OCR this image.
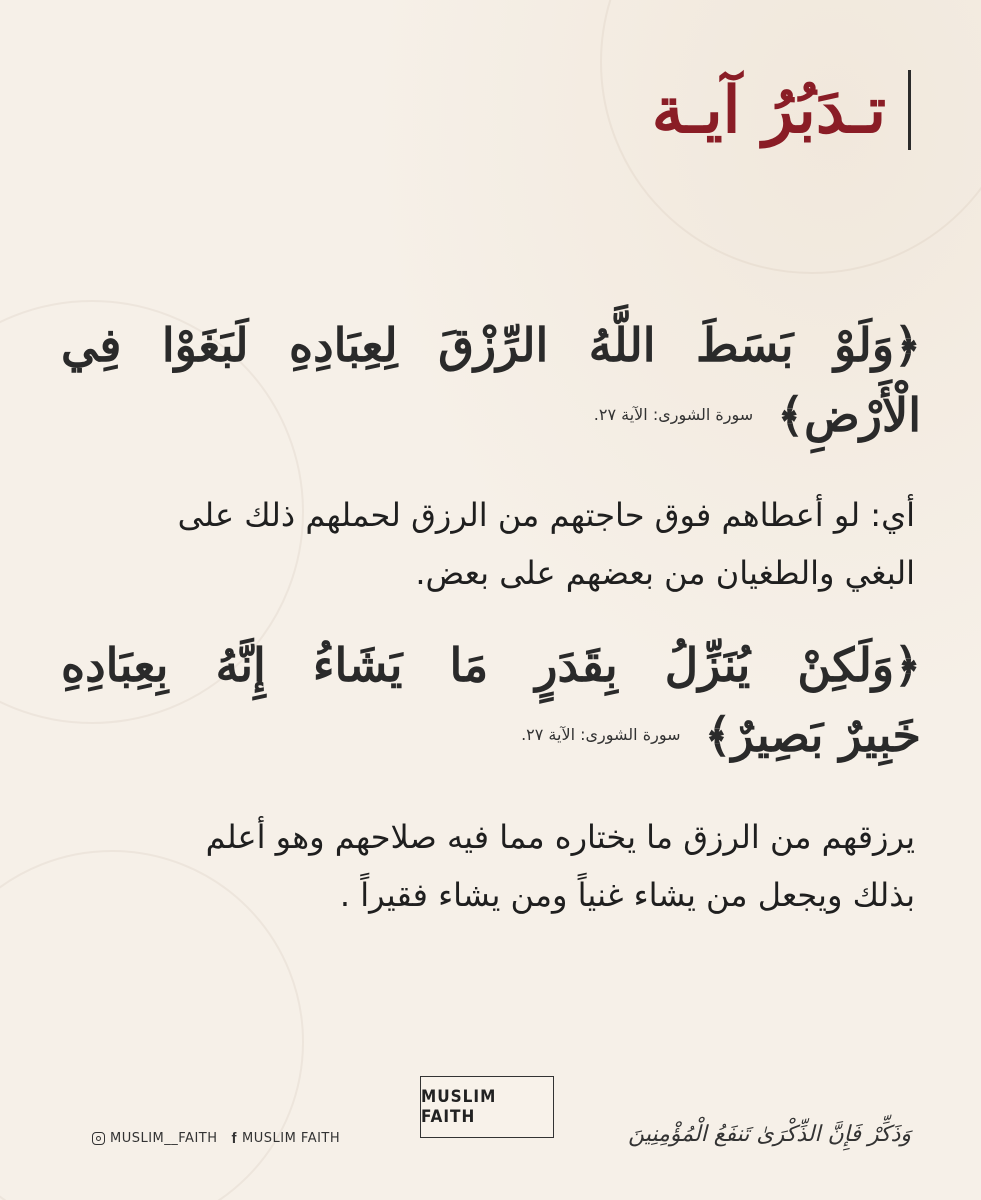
تـدَبُرُ آيـة
﴿وَلَوْ بَسَطَ اللَّهُ الرِّزْقَ لِعِبَادِهِ لَبَغَوْا فِي
الْأَرْضِ﴾
سورة الشورى: الآية ٢٧.
أي: لو أعطاهم فوق حاجتهم من الرزق لحملهم ذلك على
البغي والطغيان من بعضهم على بعض.
﴿وَلَكِنْ يُنَزِّلُ بِقَدَرٍ مَا يَشَاءُ إِنَّهُ بِعِبَادِهِ
خَبِيرٌ بَصِيرٌ﴾
سورة الشورى: الآية ٢٧.
يرزقهم من الرزق ما يختاره مما فيه صلاحهم وهو أعلم
بذلك ويجعل من يشاء غنياً ومن يشاء فقيراً .
MUSLIM__FAITH f MUSLIM FAITH
MUSLIM FAITH
وَذَكِّرْ فَإِنَّ الذِّكْرَىٰ تَنفَعُ الْمُؤْمِنِينَ
